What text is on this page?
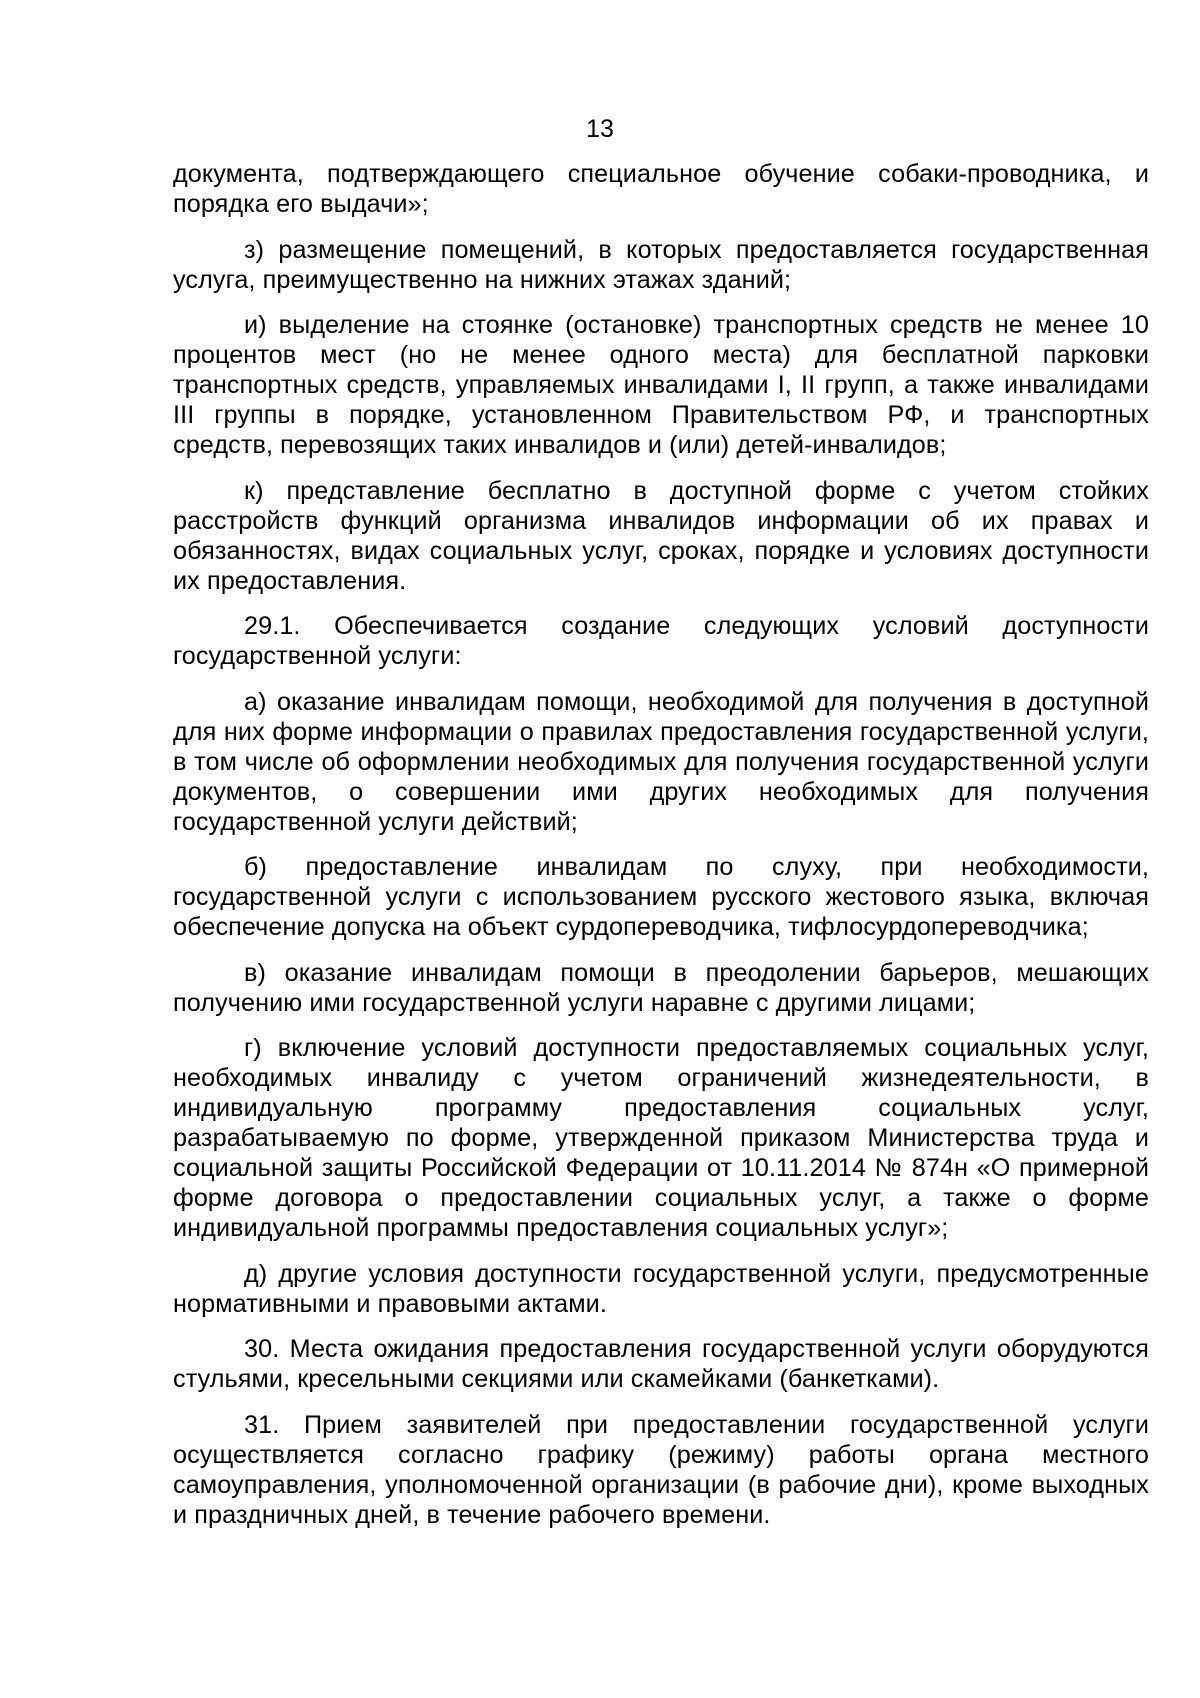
13

документа, подтверждающего специальное обучение собаки-проводника, и порядка его выдачи»;

з) размещение помещений, в которых предоставляется государственная услуга, преимущественно на нижних этажах зданий;

и) выделение на стоянке (остановке) транспортных средств не менее 10 процентов мест (но не менее одного места) для бесплатной парковки транспортных средств, управляемых инвалидами I, II групп, а также инвалидами III группы в порядке, установленном Правительством РФ, и транспортных средств, перевозящих таких инвалидов и (или) детей-инвалидов;

к) представление бесплатно в доступной форме с учетом стойких расстройств функций организма инвалидов информации об их правах и обязанностях, видах социальных услуг, сроках, порядке и условиях доступности их предоставления.

29.1. Обеспечивается создание следующих условий доступности государственной услуги:

а) оказание инвалидам помощи, необходимой для получения в доступной для них форме информации о правилах предоставления государственной услуги, в том числе об оформлении необходимых для получения государственной услуги документов, о совершении ими других необходимых для получения государственной услуги действий;

б) предоставление инвалидам по слуху, при необходимости, государственной услуги с использованием русского жестового языка, включая обеспечение допуска на объект сурдопереводчика, тифлосурдопереводчика;

в) оказание инвалидам помощи в преодолении барьеров, мешающих получению ими государственной услуги наравне с другими лицами;

г) включение условий доступности предоставляемых социальных услуг, необходимых инвалиду с учетом ограничений жизнедеятельности, в индивидуальную программу предоставления социальных услуг, разрабатываемую по форме, утвержденной приказом Министерства труда и социальной защиты Российской Федерации от 10.11.2014 № 874н «О примерной форме договора о предоставлении социальных услуг, а также о форме индивидуальной программы предоставления социальных услуг»;

д) другие условия доступности государственной услуги, предусмотренные нормативными и правовыми актами.

30. Места ожидания предоставления государственной услуги оборудуются стульями, кресельными секциями или скамейками (банкетками).

31. Прием заявителей при предоставлении государственной услуги осуществляется согласно графику (режиму) работы органа местного самоуправления, уполномоченной организации (в рабочие дни), кроме выходных и праздничных дней, в течение рабочего времени.
